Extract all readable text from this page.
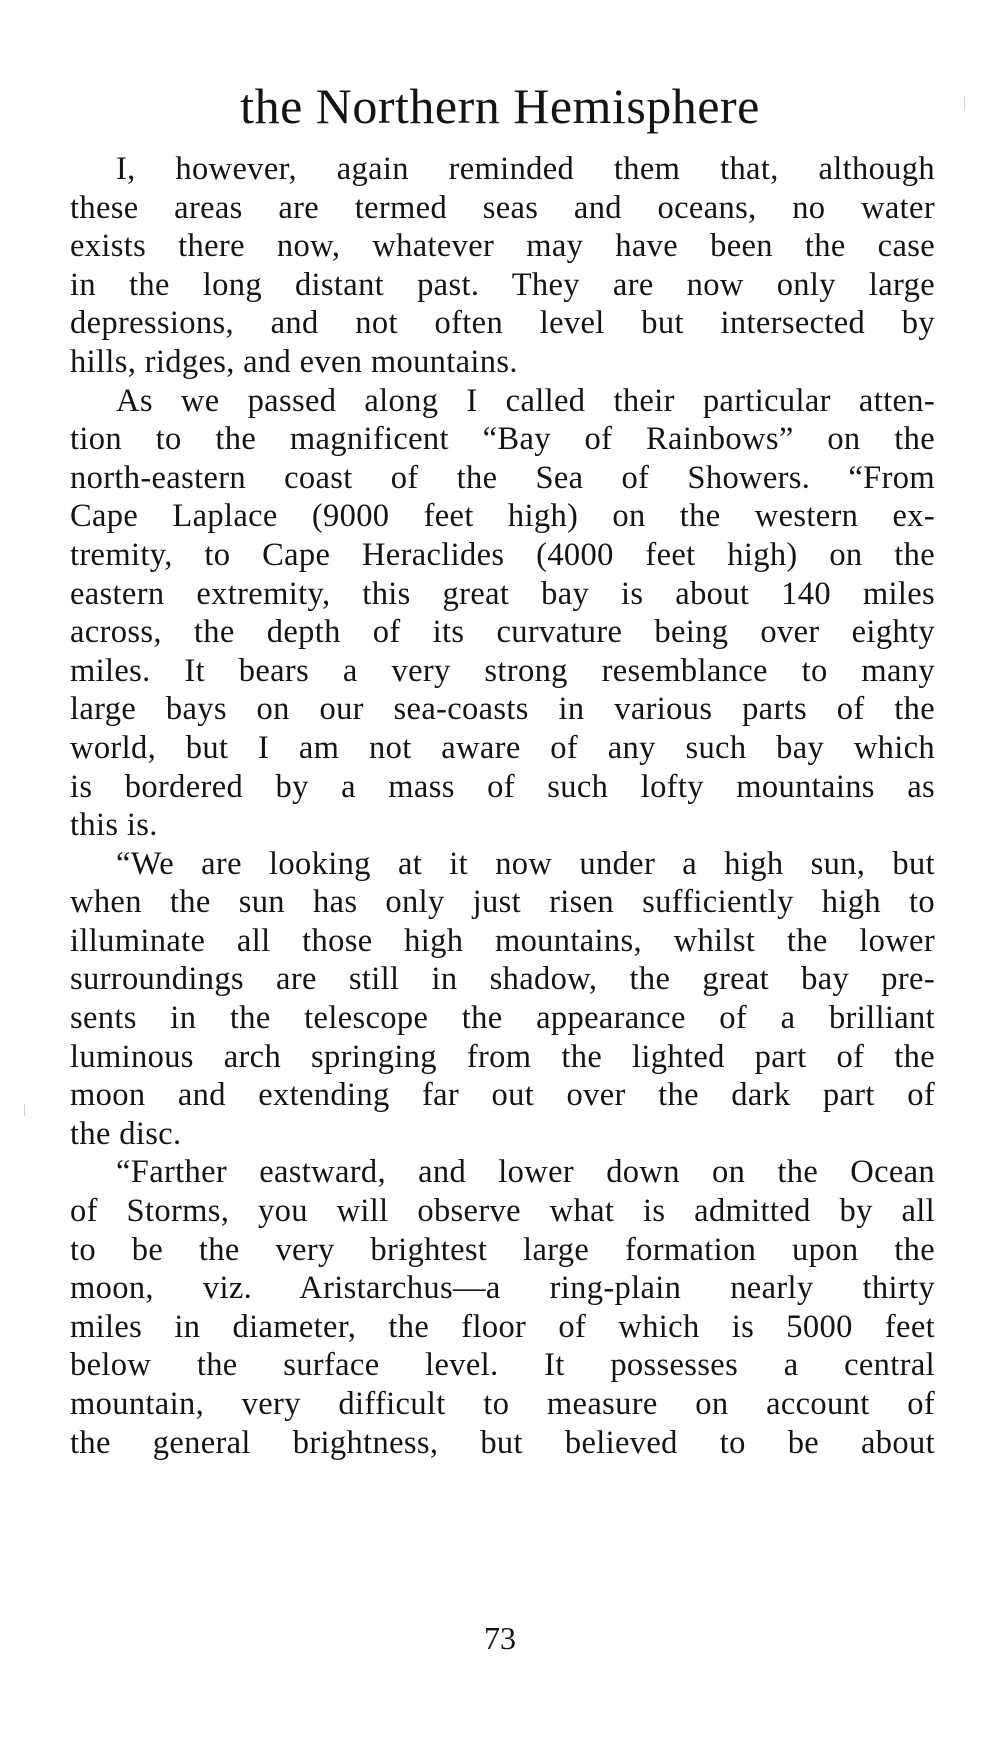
the Northern Hemisphere
I, however, again reminded them that, although
these areas are termed seas and oceans, no water
exists there now, whatever may have been the case
in the long distant past. They are now only large
depressions, and not often level but intersected by
hills, ridges, and even mountains.
As we passed along I called their particular atten-
tion to the magnificent “Bay of Rainbows” on the
north-eastern coast of the Sea of Showers. “From
Cape Laplace (9000 feet high) on the western ex-
tremity, to Cape Heraclides (4000 feet high) on the
eastern extremity, this great bay is about 140 miles
across, the depth of its curvature being over eighty
miles. It bears a very strong resemblance to many
large bays on our sea-coasts in various parts of the
world, but I am not aware of any such bay which
is bordered by a mass of such lofty mountains as
this is.
“We are looking at it now under a high sun, but
when the sun has only just risen sufficiently high to
illuminate all those high mountains, whilst the lower
surroundings are still in shadow, the great bay pre-
sents in the telescope the appearance of a brilliant
luminous arch springing from the lighted part of the
moon and extending far out over the dark part of
the disc.
“Farther eastward, and lower down on the Ocean
of Storms, you will observe what is admitted by all
to be the very brightest large formation upon the
moon, viz. Aristarchus—a ring-plain nearly thirty
miles in diameter, the floor of which is 5000 feet
below the surface level. It possesses a central
mountain, very difficult to measure on account of
the general brightness, but believed to be about
73
